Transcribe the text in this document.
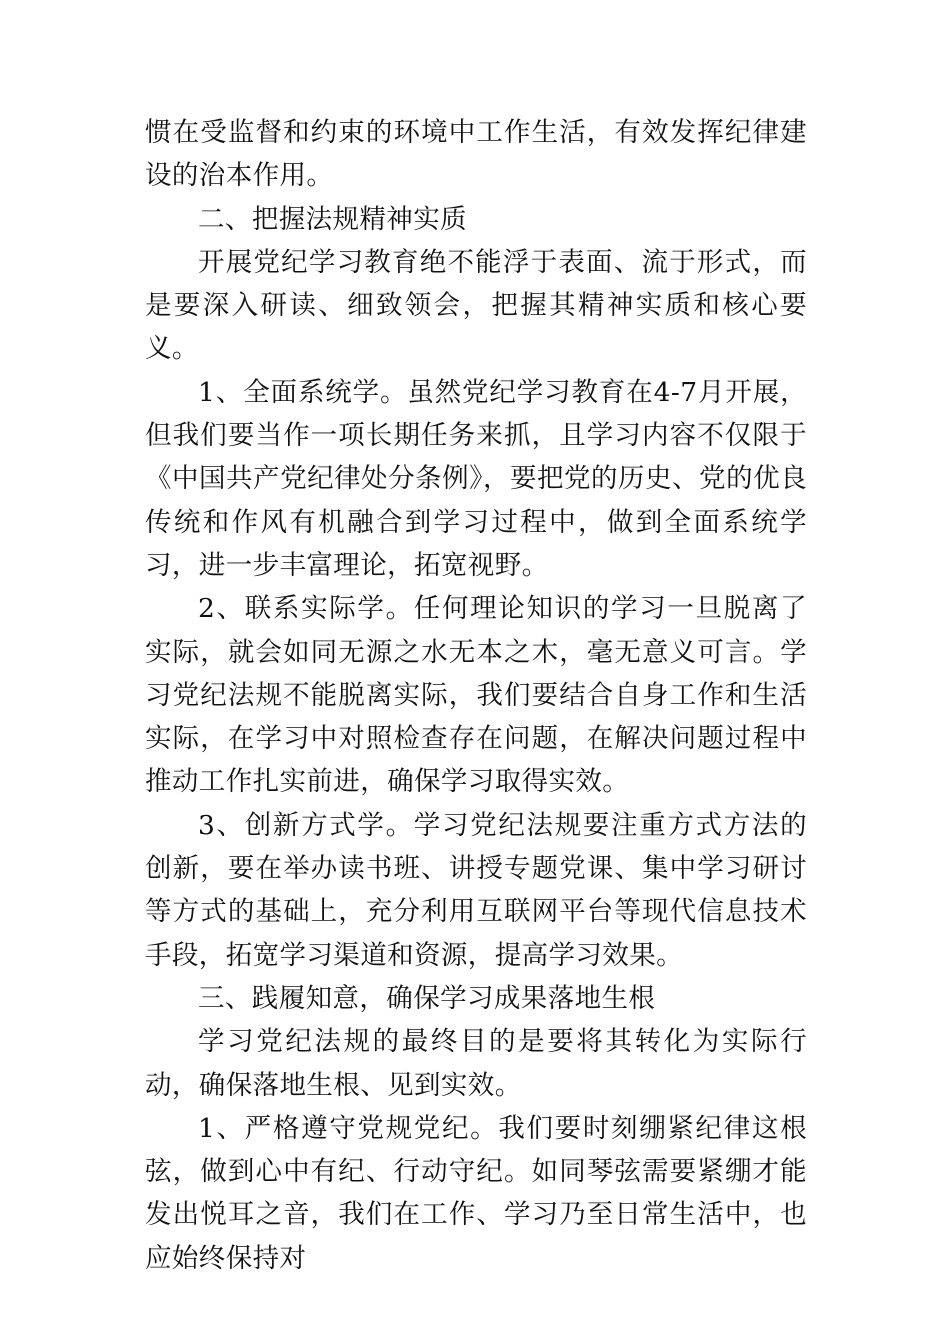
惯在受监督和约束的环境中工作生活，有效发挥纪律建设的治本作用。

二、把握法规精神实质

开展党纪学习教育绝不能浮于表面、流于形式，而是要深入研读、细致领会，把握其精神实质和核心要义。

1、全面系统学。虽然党纪学习教育在4-7月开展，但我们要当作一项长期任务来抓，且学习内容不仅限于《中国共产党纪律处分条例》，要把党的历史、党的优良传统和作风有机融合到学习过程中，做到全面系统学习，进一步丰富理论，拓宽视野。

2、联系实际学。任何理论知识的学习一旦脱离了实际，就会如同无源之水无本之木，毫无意义可言。学习党纪法规不能脱离实际，我们要结合自身工作和生活实际，在学习中对照检查存在问题，在解决问题过程中推动工作扎实前进，确保学习取得实效。

3、创新方式学。学习党纪法规要注重方式方法的创新，要在举办读书班、讲授专题党课、集中学习研讨等方式的基础上，充分利用互联网平台等现代信息技术手段，拓宽学习渠道和资源，提高学习效果。

三、践履知意，确保学习成果落地生根

学习党纪法规的最终目的是要将其转化为实际行动，确保落地生根、见到实效。

1、严格遵守党规党纪。我们要时刻绷紧纪律这根弦，做到心中有纪、行动守纪。如同琴弦需要紧绷才能发出悦耳之音，我们在工作、学习乃至日常生活中，也应始终保持对
